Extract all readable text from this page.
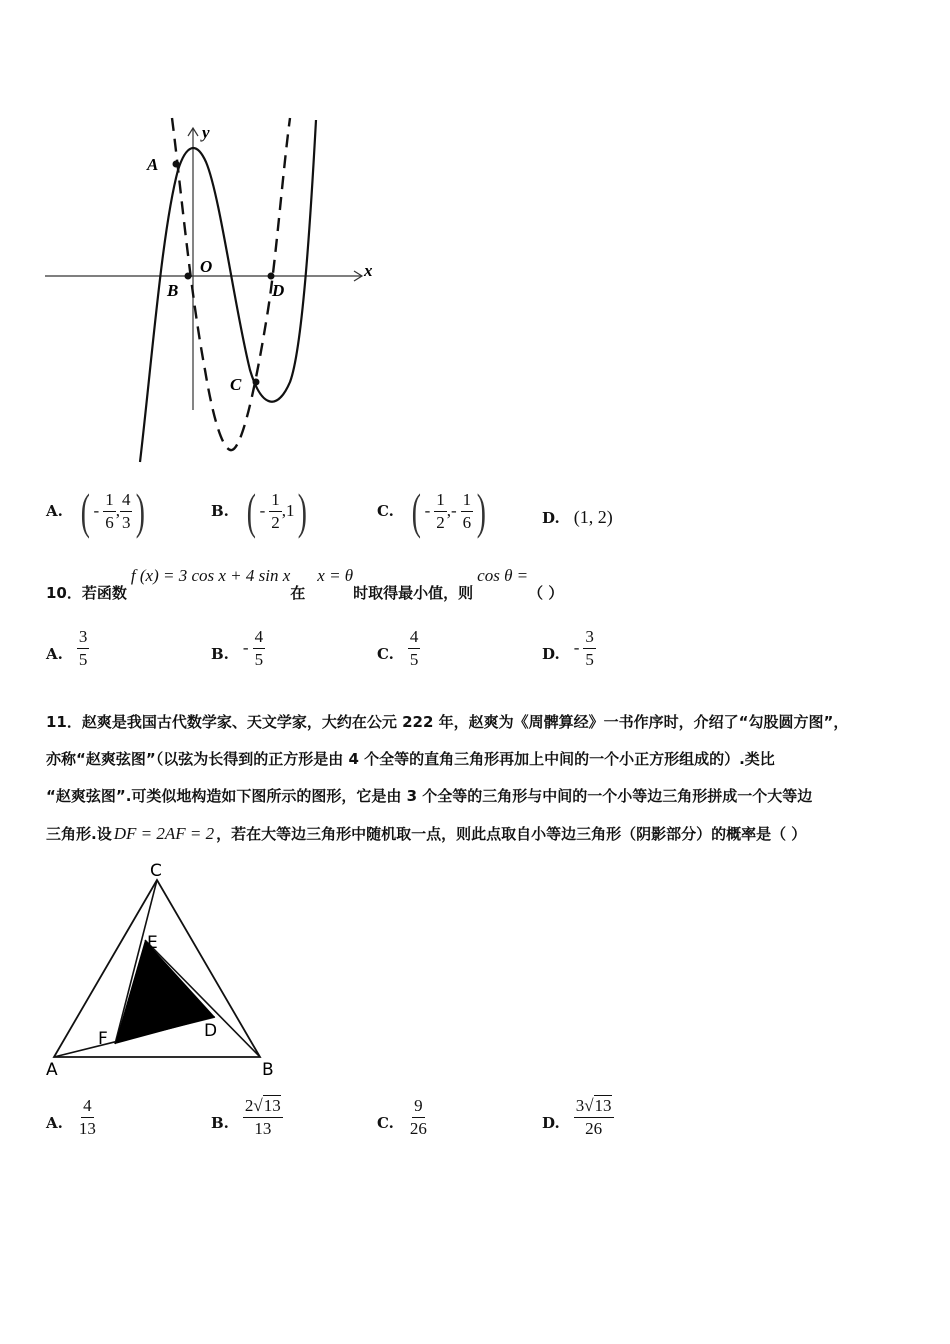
y
x
O
A
B	D
C
A. ( - $\frac{1}{6}$ , $\frac{4}{3}$ )	B. ( - $\frac{1}{2} ,1$ )	C. ( - $\frac{1}{2}$ , - $\frac{1}{6}$ )	D. (1, 2)
10． 若函数
f (x) = 3 cos x + 4 sin x
在
x = θ
时取得最小值，则
cos θ =
（ ）
A. $\frac{3}{5}$	B. - $\frac{4}{5}$	C. $\frac{4}{5}$	D. - $\frac{3}{5}$
11．赵爽是我国古代数学家、天文学家，大约在公元 222 年，赵爽为《周髀算经》一书作序时，介绍了“勾股圆方图”，
亦称“赵爽弦图”（以弦为长得到的正方形是由 4 个全等的直角三角形再加上中间的一个小正方形组成的）.类比
“赵爽弦图”.可类似地构造如下图所示的图形，它是由 3 个全等的三角形与中间的一个小等边三角形拼成一个大等边
三角形.设 DF = 2AF = 2 ，若在大等边三角形中随机取一点，则此点取自小等边三角形（阴影部分）的概率是（ ）
C
E
D
F
A	B
A. $\frac{4}{13}$	B. $\frac{2√13}{13}$	C. $\frac{9}{26}$	D. $\frac{3√13}{26}$
